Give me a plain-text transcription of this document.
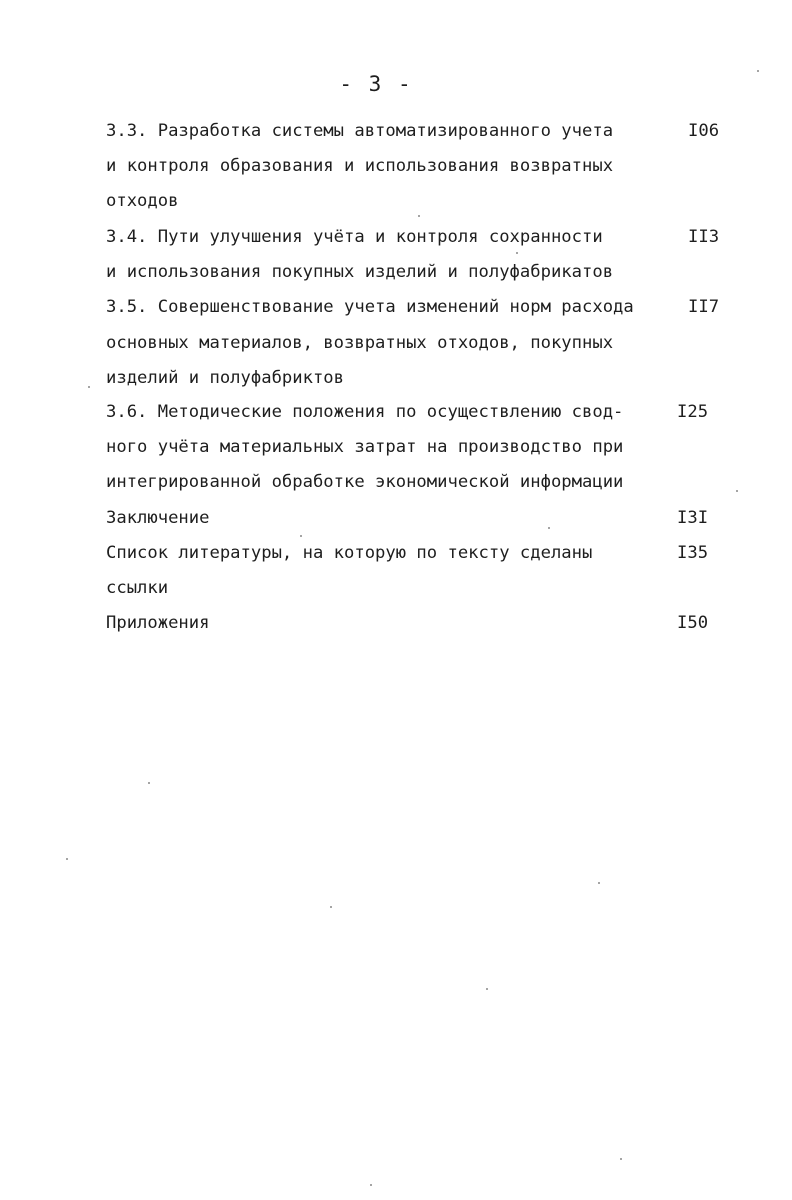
- 3 -
3.3. Разработка системы автоматизированного учета
и контроля образования и использования возвратных
отходов
I06
3.4. Пути улучшения учёта и контроля сохранности
и использования покупных изделий и полуфабрикатов
II3
3.5. Совершенствование учета изменений норм расхода
основных материалов, возвратных отходов, покупных
изделий и полуфабриктов
II7
3.6. Методические положения по осуществлению свод-
ного учёта материальных затрат на производство при
интегрированной обработке экономической информации
I25
Заключение	I3I
Список литературы, на которую по тексту сделаны
ссылки
I35
Приложения	I50
